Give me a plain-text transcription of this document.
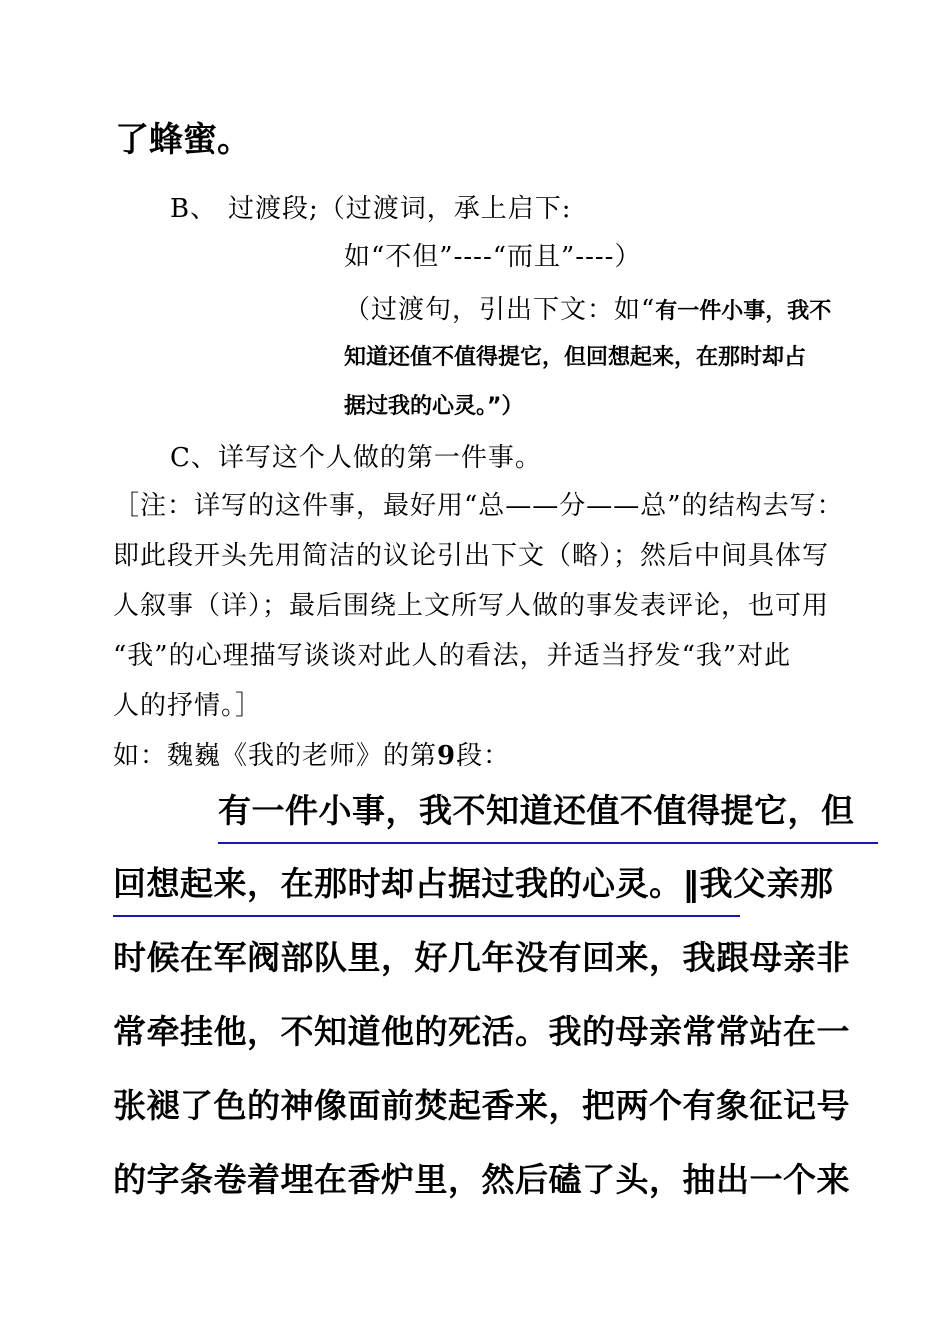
了蜂蜜。

B、 过渡段;（过渡词，承上启下:

如“不但”----“而且”----）

（过渡句，引出下文：如“有一件小事，我不

知道还值不值得提它，但回想起来，在那时却占

据过我的心灵。”）

C、详写这个人做的第一件事。

［注：详写的这件事，最好用“总——分——总”的结构去写：

即此段开头先用简洁的议论引出下文（略）；然后中间具体写

人叙事（详）；最后围绕上文所写人做的事发表评论，也可用

“我”的心理描写谈谈对此人的看法，并适当抒发“我”对此

人的抒情。］

如：魏巍《我的老师》的第9段：

有一件小事，我不知道还值不值得提它，但

回想起来，在那时却占据过我的心灵。‖我父亲那

时候在军阀部队里，好几年没有回来，我跟母亲非

常牵挂他，不知道他的死活。我的母亲常常站在一

张褪了色的神像面前焚起香来，把两个有象征记号

的字条卷着埋在香炉里，然后磕了头，抽出一个来
